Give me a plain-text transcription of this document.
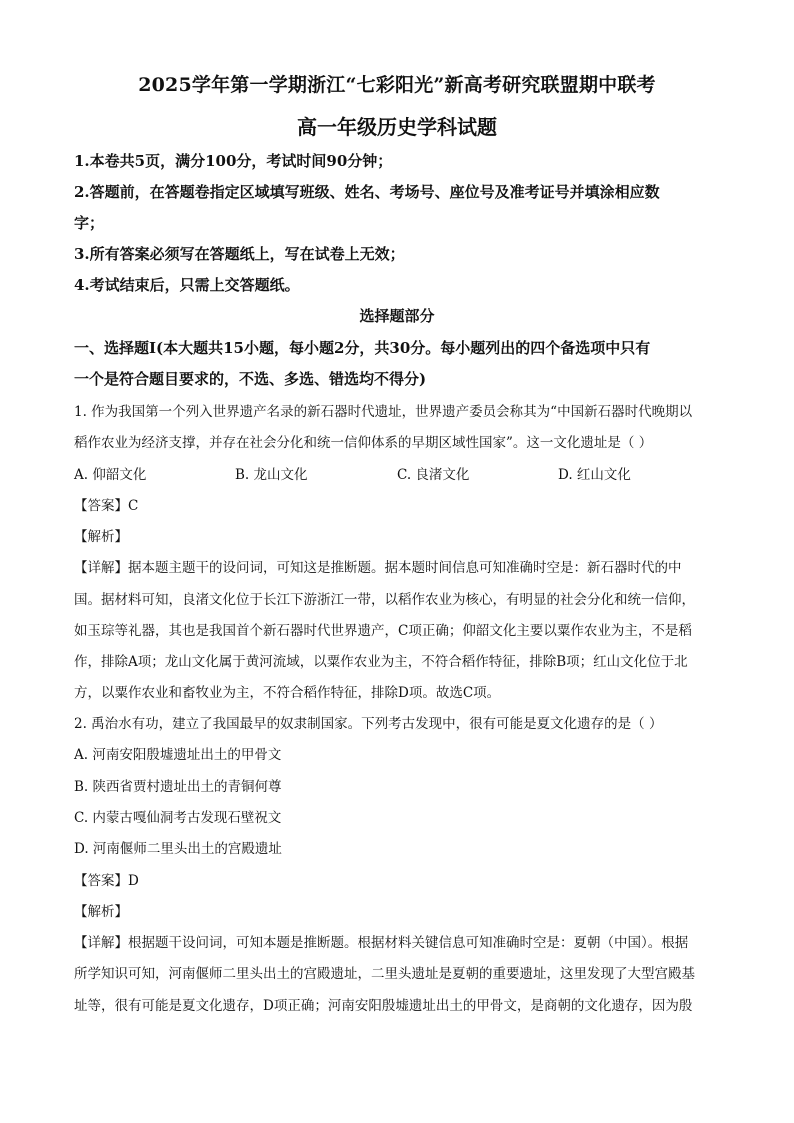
2025学年第一学期浙江“七彩阳光”新高考研究联盟期中联考
高一年级历史学科试题
1.本卷共5页，满分100分，考试时间90分钟；
2.答题前，在答题卷指定区域填写班级、姓名、考场号、座位号及准考证号并填涂相应数
字；
3.所有答案必须写在答题纸上，写在试卷上无效；
4.考试结束后，只需上交答题纸。
选择题部分
一、选择题Ⅰ(本大题共15小题，每小题2分，共30分。每小题列出的四个备选项中只有
一个是符合题目要求的，不选、多选、错选均不得分)
1. 作为我国第一个列入世界遗产名录的新石器时代遗址，世界遗产委员会称其为“中国新石器时代晚期以
稻作农业为经济支撑，并存在社会分化和统一信仰体系的早期区域性国家”。这一文化遗址是（ ）
A. 仰韶文化	B. 龙山文化	C. 良渚文化	D. 红山文化
【答案】C
【解析】
【详解】据本题主题干的设问词，可知这是推断题。据本题时间信息可知准确时空是：新石器时代的中
国。据材料可知，良渚文化位于长江下游浙江一带，以稻作农业为核心，有明显的社会分化和统一信仰，
如玉琮等礼器，其也是我国首个新石器时代世界遗产，C项正确；仰韶文化主要以粟作农业为主，不是稻
作，排除A项；龙山文化属于黄河流域，以粟作农业为主，不符合稻作特征，排除B项；红山文化位于北
方，以粟作农业和畜牧业为主，不符合稻作特征，排除D项。故选C项。
2. 禹治水有功，建立了我国最早的奴隶制国家。下列考古发现中，很有可能是夏文化遗存的是（ ）
A. 河南安阳殷墟遗址出土的甲骨文
B. 陕西省贾村遗址出土的青铜何尊
C. 内蒙古嘎仙洞考古发现石壁祝文
D. 河南偃师二里头出土的宫殿遗址
【答案】D
【解析】
【详解】根据题干设问词，可知本题是推断题。根据材料关键信息可知准确时空是：夏朝（中国）。根据
所学知识可知，河南偃师二里头出土的宫殿遗址，二里头遗址是夏朝的重要遗址，这里发现了大型宫殿基
址等，很有可能是夏文化遗存，D项正确；河南安阳殷墟遗址出土的甲骨文，是商朝的文化遗存，因为殷
